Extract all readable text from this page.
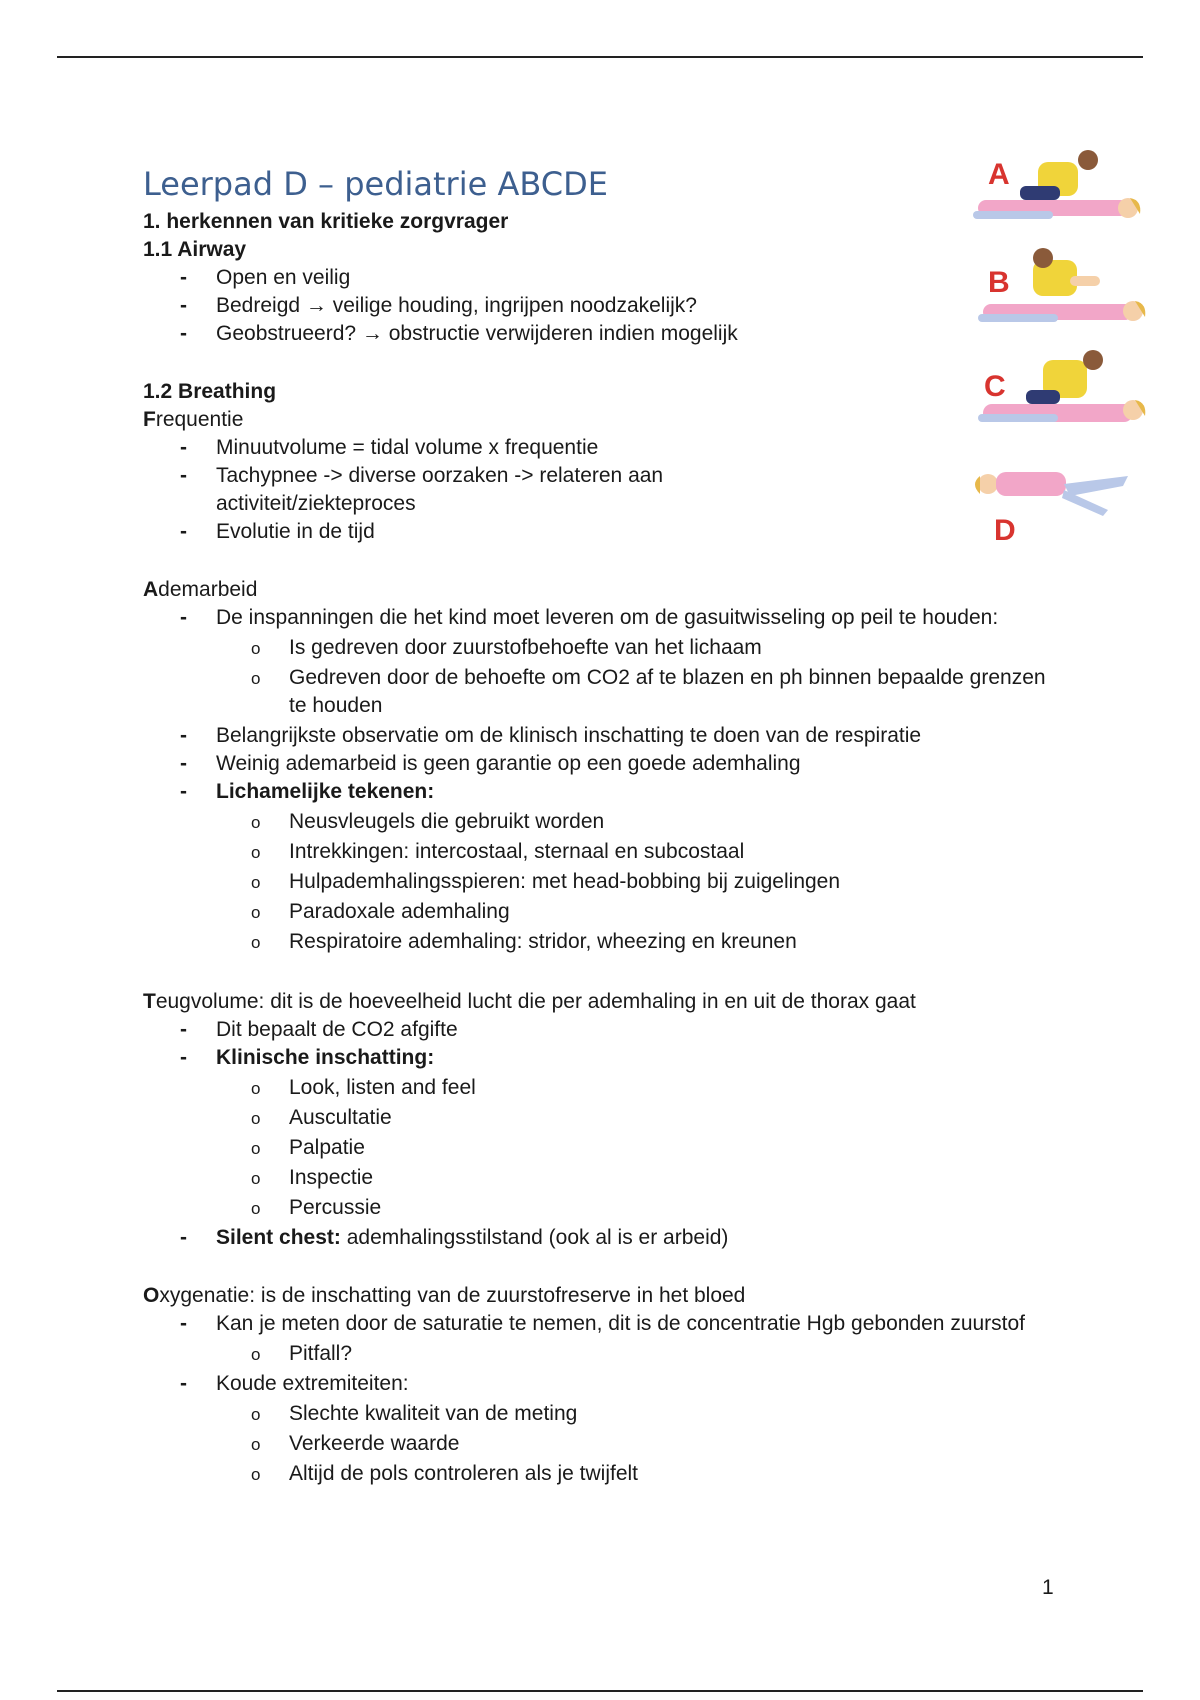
A
B
C
D
Leerpad D – pediatrie ABCDE

1. herkennen van kritieke zorgvrager

1.1 Airway

- Open en veilig
- Bedreigd → veilige houding, ingrijpen noodzakelijk?
- Geobstrueerd? → obstructie verwijderen indien mogelijk

1.2 Breathing

Frequentie

- Minuutvolume = tidal volume x frequentie
- Tachypnee -> diverse oorzaken -> relateren aan activiteit/ziekteproces
- Evolutie in de tijd

Ademarbeid

- De inspanningen die het kind moet leveren om de gasuitwisseling op peil te houden:
o Is gedreven door zuurstofbehoefte van het lichaam
o Gedreven door de behoefte om CO2 af te blazen en ph binnen bepaalde grenzen te houden
- Belangrijkste observatie om de klinisch inschatting te doen van de respiratie
- Weinig ademarbeid is geen garantie op een goede ademhaling
- Lichamelijke tekenen:
o Neusvleugels die gebruikt worden
o Intrekkingen: intercostaal, sternaal en subcostaal
o Hulpademhalingsspieren: met head-bobbing bij zuigelingen
o Paradoxale ademhaling
o Respiratoire ademhaling: stridor, wheezing en kreunen

Teugvolume: dit is de hoeveelheid lucht die per ademhaling in en uit de thorax gaat

- Dit bepaalt de CO2 afgifte
- Klinische inschatting:
o Look, listen and feel
o Auscultatie
o Palpatie
o Inspectie
o Percussie
- Silent chest: ademhalingsstilstand (ook al is er arbeid)

Oxygenatie: is de inschatting van de zuurstofreserve in het bloed

- Kan je meten door de saturatie te nemen, dit is de concentratie Hgb gebonden zuurstof
o Pitfall?
- Koude extremiteiten:
o Slechte kwaliteit van de meting
o Verkeerde waarde
o Altijd de pols controleren als je twijfelt
1
